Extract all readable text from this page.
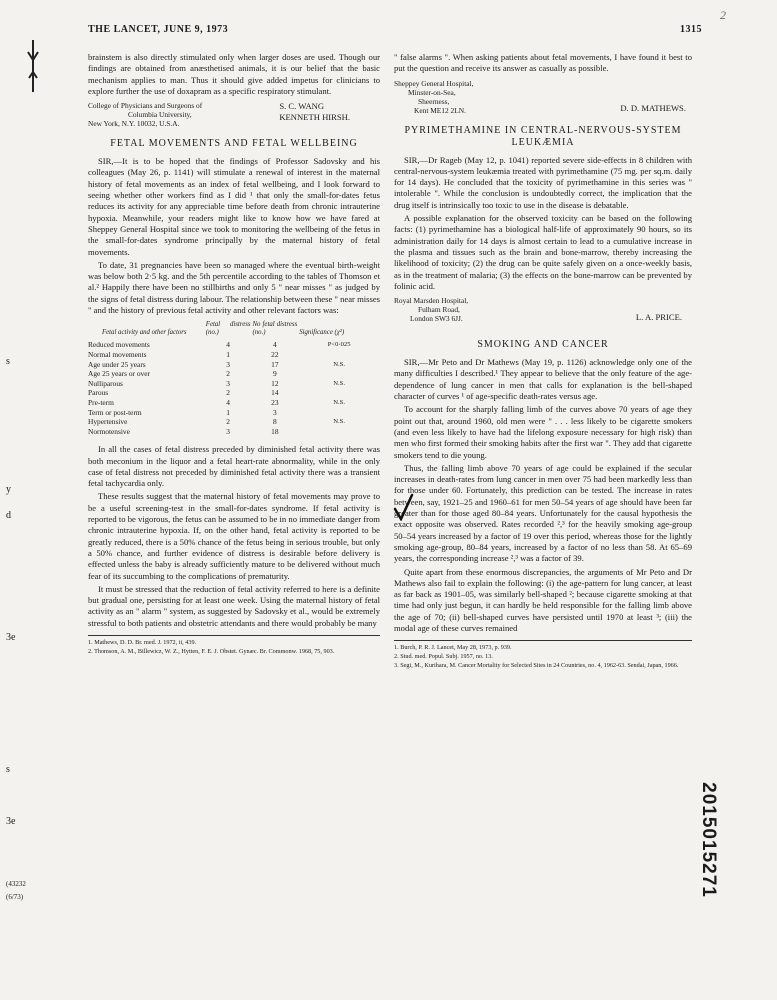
THE LANCET, JUNE 9, 1973	1315
2
s
y
d
3e
s
3e
(43232
(6/73)

brainstem is also directly stimulated only when larger doses are used. Though our findings are obtained from anæsthetised animals, it is our belief that the basic mechanism applies to man. Thus it should give added impetus for clinicians to explore further the use of doxapram as a specific respiratory stimulant.

College of Physicians and Surgeons of
Columbia University,
New York, N.Y. 10032, U.S.A.
S. C. WANG
KENNETH HIRSH.
FETAL MOVEMENTS AND FETAL WELLBEING

SIR,—It is to be hoped that the findings of Professor Sadovsky and his colleagues (May 26, p. 1141) will stimulate a renewal of interest in the maternal history of fetal movements as an index of fetal wellbeing, and I look forward to seeing whether other workers find as I did ¹ that only the small-for-dates fetus reduces its activity for any appreciable time before death from chronic intrauterine hypoxia. Meanwhile, your readers might like to know how we have fared at Sheppey General Hospital since we took to monitoring the wellbeing of the fetus in the small-for-dates syndrome principally by the maternal history of fetal movements.

To date, 31 pregnancies have been so managed where the eventual birth-weight was below both 2·5 kg. and the 5th percentile according to the tables of Thomson et al.² Happily there have been no stillbirths and only 5 " near misses " as judged by the signs of fetal distress during labour. The relationship between these " near misses " and the history of previous fetal activity and other relevant factors was:

Fetal activity and other factors	Fetal distress (no.)	No fetal distress (no.)	Significance (χ²)
Reduced movements	4	4	P<0·025
Normal movements	1	22	
Age under 25 years	3	17	N.S.
Age 25 years or over	2	9	
Nulliparous	3	12	N.S.
Parous	2	14	
Pre-term	4	23	N.S.
Term or post-term	1	3	
Hypertensive	2	8	N.S.
Normotensive	3	18	

In all the cases of fetal distress preceded by diminished fetal activity there was both meconium in the liquor and a fetal heart-rate abnormality, while in the only case of fetal distress not preceded by diminished fetal activity there was a transient fetal tachycardia only.

These results suggest that the maternal history of fetal movements may prove to be a useful screening-test in the small-for-dates syndrome. If fetal activity is reported to be vigorous, the fetus can be assumed to be in no immediate danger from chronic intrauterine hypoxia. If, on the other hand, fetal activity is reported to be greatly reduced, there is a 50% chance of the fetus being in serious trouble, but only a 50% chance, and further evidence of distress is desirable before delivery is effected unless the baby is already sufficiently mature to be delivered without much fear of its succumbing to the complications of prematurity.

It must be stressed that the reduction of fetal activity referred to here is a definite but gradual one, persisting for at least one week. Using the maternal history of fetal activity as an " alarm " system, as suggested by Sadovsky et al., would be extremely stressful to both patients and obstetric attendants and there would probably be many

1. Mathews, D. D. Br. med. J. 1972, ii, 439.
2. Thomson, A. M., Billewicz, W. Z., Hytten, F. E. J. Obstet. Gynæc. Br. Commonw. 1968, 75, 903.

" false alarms ". When asking patients about fetal movements, I have found it best to put the question and receive its answer as casually as possible.

Sheppey General Hospital,
Minster-on-Sea,
Sheerness,
Kent ME12 2LN.	D. D. MATHEWS.
PYRIMETHAMINE IN CENTRAL-NERVOUS-SYSTEM LEUKÆMIA

SIR,—Dr Rageb (May 12, p. 1041) reported severe side-effects in 8 children with central-nervous-system leukæmia treated with pyrimethamine (75 mg. per sq.m. daily for 14 days). He concluded that the toxicity of pyrimethamine in this series was " intolerable ". While the conclusion is undoubtedly correct, the implication that the drug itself is intrinsically too toxic to use in the disease is debatable.

A possible explanation for the observed toxicity can be based on the following facts: (1) pyrimethamine has a biological half-life of approximately 90 hours, so its administration daily for 14 days is almost certain to lead to a cumulative increase in the plasma and tissues such as the brain and bone-marrow, thereby increasing the likelihood of toxicity; (2) the drug can be quite safely given on a once-weekly basis, as in the treatment of malaria; (3) the effects on the bone-marrow can be prevented by folinic acid.

Royal Marsden Hospital,
Fulham Road,
London SW3 6JJ.	L. A. PRICE.
SMOKING AND CANCER

SIR,—Mr Peto and Dr Mathews (May 19, p. 1126) acknowledge only one of the many difficulties I described.¹ They appear to believe that the only feature of the age-dependence of lung cancer in men that calls for explanation is the bell-shaped character of curves ¹ of age-specific death-rates versus age.

To account for the sharply falling limb of the curves above 70 years of age they point out that, around 1960, old men were " . . . less likely to be cigarette smokers (and even less likely to have had the lifelong exposure necessary for high risk) than men who first formed their smoking habits after the first war ". They add that cigarette smokers tend to die young.

Thus, the falling limb above 70 years of age could be explained if the secular increases in death-rates from lung cancer in men over 75 had been markedly less than for those under 60. Fortunately, this prediction can be tested. The increase in rates between, say, 1921–25 and 1960–61 for men 50–54 years of age should have been far greater than for those aged 80–84 years. Unfortunately for the causal hypothesis the exact opposite was observed. Rates recorded ²,³ for the heavily smoking age-group 50–54 years increased by a factor of 19 over this period, whereas those for the lightly smoking age-group, 80–84 years, increased by a factor of no less than 58. At 65–69 years, the corresponding increase ²,³ was a factor of 39.

Quite apart from these enormous discrepancies, the arguments of Mr Peto and Dr Mathews also fail to explain the following: (i) the age-pattern for lung cancer, at least as far back as 1901–05, was similarly bell-shaped ²; because cigarette smoking at that time had only just begun, it can hardly be held responsible for the falling limb above the age of 70; (ii) bell-shaped curves have persisted until 1970 at least ³; (iii) the modal age of these curves remained

1. Burch, P. R. J. Lancet, May 28, 1973, p. 939.
2. Stud. med. Popul. Subj. 1957, no. 13.
3. Segi, M., Kurihara, M. Cancer Mortality for Selected Sites in 24 Countries, no. 4, 1962-63. Sendai, Japan, 1966.
2015015271
